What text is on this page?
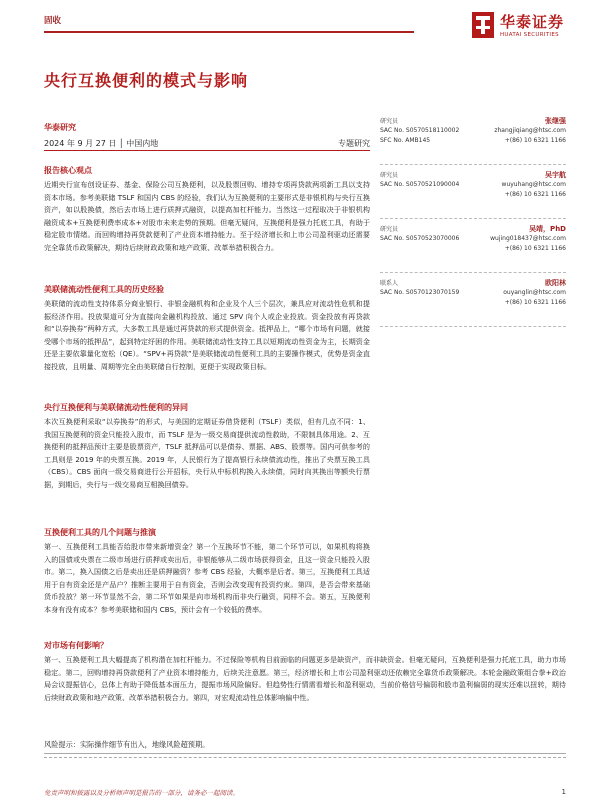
固收	华泰证券
HUATAI SECURITIES
央行互换便利的模式与影响
华泰研究
2024 年 9 月 27 日 │ 中国内地	专题研究
研究员	张继强
SAC No. S0570518110002	zhangjiqiang@htsc.com
SFC No. AMB145	+(86) 10 6321 1166
研究员	吴宇航
SAC No. S0570521090004	wuyuhang@htsc.com
+(86) 10 6321 1166
研究员	吴靖，PhD
SAC No. S0570523070006	wujing018437@htsc.com
+(86) 10 6321 1166
联系人	欧阳林
SAC No. S0570123070159	ouyanglin@htsc.com
+(86) 10 6321 1166
报告核心观点
近期央行宣布创设证券、基金、保险公司互换便利，以及股票回购、增持专项再贷款两项新工具以支持资本市场。参考美联储 TSLF 和国内 CBS 的经验，我们认为互换便利的主要形式是非银机构与央行互换资产，如以股换债，然后去市场上进行质押式融资，以提高加杠杆能力。当然这一过程取决于非银机构融资成本+互换便利费率成本+对股市未来走势的预期。但毫无疑问，互换便利是强力托底工具，有助于稳定股市情绪。而回购增持再贷款便利了产业资本增持能力。至于经济增长和上市公司盈利驱动还需要完全靠货币政策解决，期待后续财政政策和地产政策、改革举措积极合力。
美联储流动性便利工具的历史经验
美联储的流动性支持体系分商业银行、非银金融机构和企业及个人三个层次，兼具应对流动性危机和提振经济作用。投放渠道可分为直接向金融机构投放、通过 SPV 向个人或企业投放。资金投放有再贷款和“以券换券”两种方式，大多数工具是通过再贷款的形式提供资金。抵押品上，“哪个市场有问题，就接受哪个市场的抵押品”，起到特定纾困的作用。美联储流动性支持工具以短期流动性资金为主，长期资金还是主要依靠量化宽松（QE）。“SPV+再贷款”是美联储流动性便利工具的主要操作模式，优势是资金直接投放，且明量、周期等完全由美联储自行控制，更便于实现政策目标。
央行互换便利与美联储流动性便利的异同
本次互换便利采取“以券换券”的形式，与美国的定期证券借贷便利（TSLF）类似，但有几点不同：1、我国互换便利的资金只能投入股市，而 TSLF 是为一级交易商提供流动性救助，不限制具体用途。2、互换便利的抵押品预计主要是股票资产，TSLF 抵押品可以是债券、票据、ABS、股票等。国内可供参考的工具则是 2019 年的央票互换。2019 年，人民银行为了提高银行永续债流动性，推出了央票互换工具（CBS）。CBS 面向一级交易商进行公开招标，央行从中标机构换入永续债，同时向其换出等额央行票据，到期后，央行与一级交易商互相换回债券。
互换便利工具的几个问题与推演
第一、互换便利工具能否给股市带来新增资金？第一个互换环节不能，第二个环节可以，如果机构将换入的国债或央票在二级市场进行质押或卖出后，非银能够从二级市场获得资金，且这一资金只能投入股市。第二，换入国债之后是卖出还是质押融资？参考 CBS 经验，大概率是后者。第三，互换便利工具适用于自有资金还是产品户？推断主要用于自有资金，否则会改变现有投资约束。第四，是否会带来基础货币投放？第一环节显然不会，第二环节如果是向市场机构而非央行融资，同样不会。第五，互换便利本身有没有成本？参考美联储和国内 CBS，预计会有一个较低的费率。
对市场有何影响？
第一、互换便利工具大幅提高了机构潜在加杠杆能力。不过保险等机构目前面临的问题更多是缺资产，而非缺资金。但毫无疑问，互换便利是强力托底工具，助力市场稳定。第二，回购增持再贷款便利了产业资本增持能力，后续关注意愿。第三，经济增长和上市公司盈利驱动还依赖完全靠货币政策解决。本轮金融政策组合拳+政治局会议提振信心，总体上有助于降低基本面压力，提振市场风险偏好。但趋势性行情需看增长和盈利驱动，当前价格信号偏弱和股市盈利偏弱的现实还难以扭转，期待后续财政政策和地产政策、改革举措积极合力。第四，对宏观流动性总体影响偏中性。
风险提示：实际操作细节有出入，地缘风险超预期。
免责声明和披露以及分析师声明是报告的一部分，请务必一起阅读。	1
